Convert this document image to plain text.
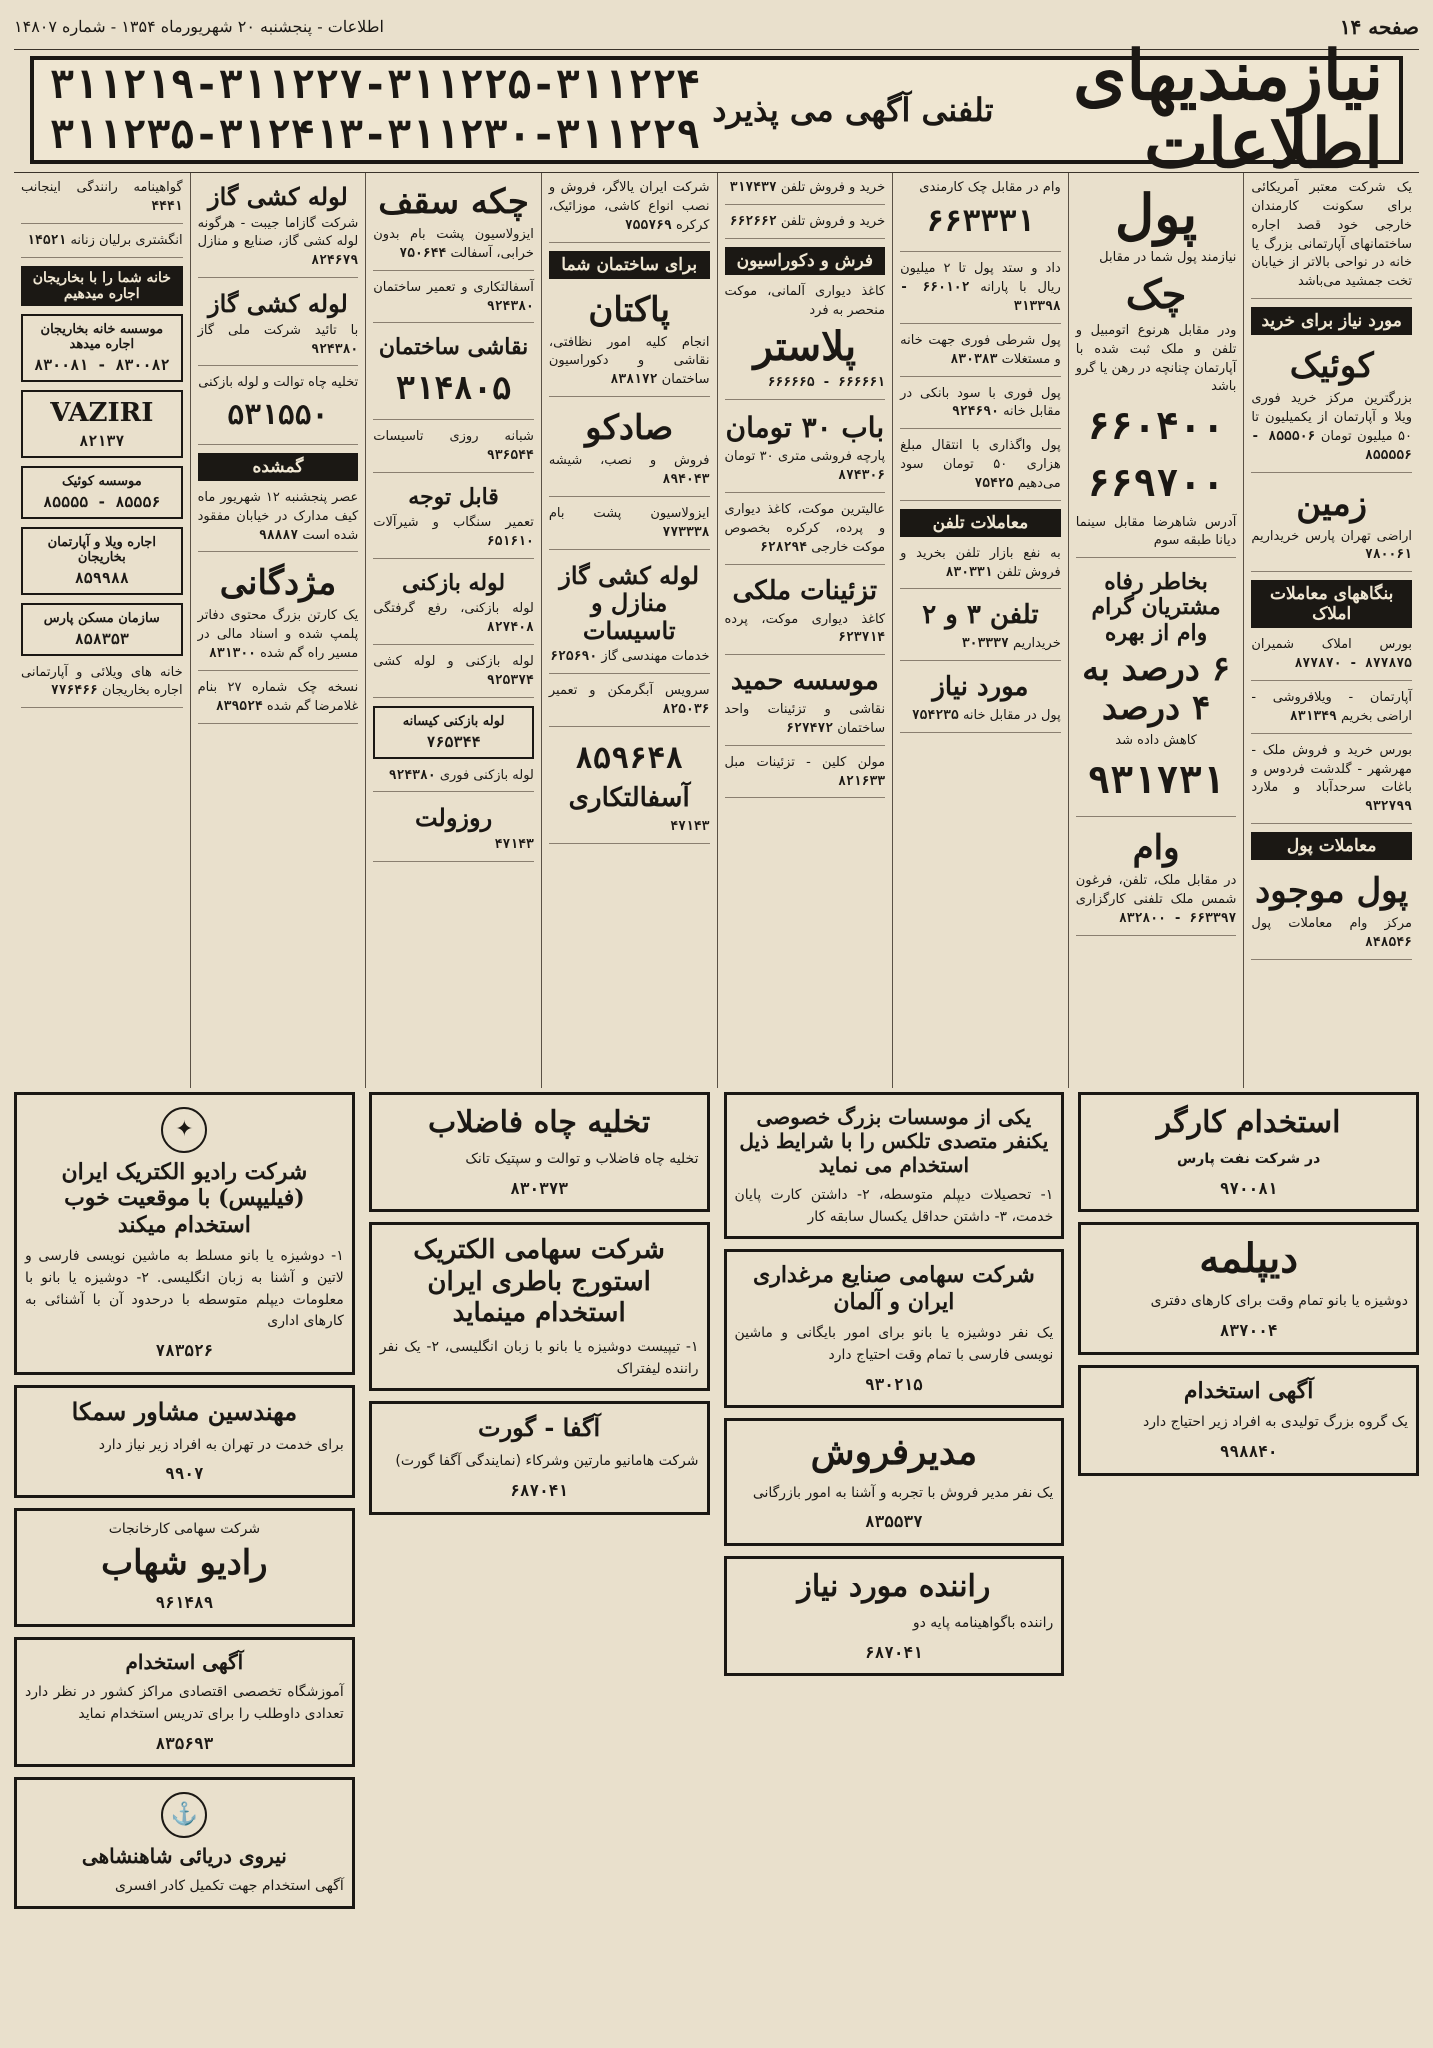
صفحه ۱۴
اطلاعات - پنجشنبه ۲۰ شهریورماه ۱۳۵۴ - شماره ۱۴۸۰۷
نیازمندیهای اطلاعات
تلفنی آگهی می پذیرد
۳۱۱۲۱۹-۳۱۱۲۲۷-۳۱۱۲۲۵-۳۱۱۲۲۴
۳۱۱۲۳۵-۳۱۲۴۱۳-۳۱۱۲۳۰-۳۱۱۲۲۹
یک شرکت معتبر آمریکائی برای سکونت کارمندان خارجی خود قصد اجاره ساختمانهای آپارتمانی بزرگ یا خانه در نواحی بالاتر از خیابان تخت جمشید می‌باشد
مورد نیاز برای خرید
کوئیک
بزرگترین مرکز خرید فوری ویلا و آپارتمان از یکمیلیون تا ۵۰ میلیون تومان ۸۵۵۵۰۶ - ۸۵۵۵۵۶
زمین
اراضی تهران پارس خریداریم ۷۸۰۰۶۱
بنگاههای معاملات املاک
بورس املاک شمیران ۸۷۷۸۷۵ - ۸۷۷۸۷۰
آپارتمان - ویلافروشی - اراضی بخریم ۸۳۱۳۴۹
بورس خرید و فروش ملک - مهرشهر - گلدشت فردوس و باغات سرحدآباد و ملارد ۹۳۲۷۹۹
معاملات پول
پول موجود
مرکز وام معاملات پول ۸۴۸۵۴۶
پول
نیازمند پول شما در مقابل
چک
ودر مقابل هرنوع اتومبیل و تلفن و ملک ثبت شده با آپارتمان چنانچه در رهن یا گرو باشد
۶۶۰۴۰۰
۶۶۹۷۰۰
آدرس شاهرضا مقابل سینما دیانا طبقه سوم
بخاطر رفاه مشتریان گرام وام از بهره
۶ درصد به ۴ درصد
کاهش داده شد
۹۳۱۷۳۱
وام
در مقابل ملک، تلفن، فرغون شمس ملک تلفنی کارگزاری ۶۶۳۳۹۷ - ۸۳۲۸۰۰
وام در مقابل چک کارمندی
۶۶۳۳۳۱
داد و ستد پول تا ۲ میلیون ریال با پارانه ۶۶۰۱۰۲ - ۳۱۳۳۹۸
پول شرطی فوری جهت خانه و مستغلات ۸۳۰۳۸۳
پول فوری با سود بانکی در مقابل خانه ۹۲۴۶۹۰
پول واگذاری با انتقال مبلغ هزاری ۵۰ تومان سود می‌دهیم ۷۵۴۲۵
معاملات تلفن
به نفع بازار تلفن بخرید و فروش تلفن ۸۳۰۳۳۱
تلفن ۳ و ۲
خریداریم ۳۰۳۳۳۷
مورد نیاز
پول در مقابل خانه ۷۵۴۲۳۵
خرید و فروش تلفن ۳۱۷۴۳۷
خرید و فروش تلفن ۶۶۲۶۶۲
فرش و دکوراسیون
کاغذ دیواری آلمانی، موکت منحصر به فرد
پلاستر
۶۶۶۶۶۱ - ۶۶۶۶۶۵
باب ۳۰ تومان
پارچه فروشی متری ۳۰ تومان ۸۷۴۳۰۶
عالیترین موکت، کاغذ دیواری و پرده، کرکره بخصوص موکت خارجی ۶۲۸۲۹۴
تزئینات ملکی
کاغذ دیواری موکت، پرده ۶۲۳۷۱۴
موسسه حمید
نقاشی و تزئینات واحد ساختمان ۶۲۷۴۷۲
مولن کلین - تزئینات مبل ۸۲۱۶۳۳
شرکت ایران یالاگر، فروش و نصب انواع کاشی، موزائیک، کرکره ۷۵۵۷۶۹
برای ساختمان شما
پاکتان
انجام کلیه امور نظافتی، نقاشی و دکوراسیون ساختمان ۸۳۸۱۷۲
صادکو
فروش و نصب، شیشه ۸۹۴۰۴۳
ایزولاسیون پشت بام ۷۷۳۳۳۸
لوله کشی گاز منازل و تاسیسات
خدمات مهندسی گاز ۶۲۵۶۹۰
سرویس آبگرمکن و تعمیر ۸۲۵۰۳۶
۸۵۹۶۴۸
آسفالتکاری
۴۷۱۴۳
چکه سقف
ایزولاسیون پشت بام بدون خرابی، آسفالت ۷۵۰۶۴۴
آسفالتکاری و تعمیر ساختمان ۹۲۴۳۸۰
نقاشی ساختمان
۳۱۴۸۰۵
شبانه روزی تاسیسات ۹۳۶۵۴۴
قابل توجه
تعمیر سنگاب و شیرآلات ۶۵۱۶۱۰
لوله بازکنی
لوله بازکنی، رفع گرفتگی ۸۲۷۴۰۸
لوله بازکنی و لوله کشی ۹۲۵۳۷۴
لوله بازکنی کیسانه
۷۶۵۳۴۴
لوله بازکنی فوری ۹۲۴۳۸۰
روزولت
۴۷۱۴۳
لوله کشی گاز
شرکت گازاما جیبت - هرگونه لوله کشی گاز، صنایع و منازل ۸۲۴۶۷۹
لوله کشی گاز
با تائید شرکت ملی گاز ۹۲۴۳۸۰
تخلیه چاه توالت و لوله بازکنی
۵۳۱۵۵۰
گمشده
عصر پنجشنبه ۱۲ شهریور ماه کیف مدارک در خیابان مفقود شده است ۹۸۸۸۷
مژدگانی
یک کارتن بزرگ محتوی دفاتر پلمپ شده و اسناد مالی در مسیر راه گم شده ۸۳۱۳۰۰
نسخه چک شماره ۲۷ بنام غلامرضا گم شده ۸۳۹۵۲۴
گواهینامه رانندگی اینجانب ۴۴۴۱
انگشتری برلیان زنانه ۱۴۵۲۱
خانه شما را با بخاریجان اجاره میدهیم
موسسه خانه بخاریجان اجاره میدهد
۸۳۰۰۸۲ - ۸۳۰۰۸۱
VAZIRI
۸۲۱۳۷
موسسه کوئیک
۸۵۵۵۶ - ۸۵۵۵۵
اجاره ویلا و آپارتمان بخاریجان
۸۵۹۹۸۸
سازمان مسکن پارس
۸۵۸۳۵۳
خانه های ویلائی و آپارتمانی اجاره بخاریجان ۷۷۶۴۶۶
استخدام کارگر
در شرکت نفت پارس
۹۷۰۰۸۱
دیپلمه
دوشیزه یا بانو تمام وقت برای کارهای دفتری
۸۳۷۰۰۴
آگهی استخدام
یک گروه بزرگ تولیدی به افراد زیر احتیاج دارد
۹۹۸۸۴۰
یکی از موسسات بزرگ خصوصی یکنفر متصدی تلکس را با شرایط ذیل استخدام می نماید
۱- تحصیلات دیپلم متوسطه، ۲- داشتن کارت پایان خدمت، ۳- داشتن حداقل یکسال سابقه کار
شرکت سهامی صنایع مرغداری ایران و آلمان
یک نفر دوشیزه یا بانو برای امور بایگانی و ماشین نویسی فارسی با تمام وقت احتیاج دارد
۹۳۰۲۱۵
مدیرفروش
یک نفر مدیر فروش با تجربه و آشنا به امور بازرگانی
۸۳۵۵۳۷
راننده مورد نیاز
راننده باگواهینامه پایه دو
۶۸۷۰۴۱
تخلیه چاه فاضلاب
تخلیه چاه فاضلاب و توالت و سپتیک تانک
۸۳۰۳۷۳
شرکت سهامی الکتریک استورج باطری ایران استخدام مینماید
۱- تیپیست دوشیزه یا بانو با زبان انگلیسی، ۲- یک نفر راننده لیفتراک
آگفا - گورت
شرکت هامانیو مارتین وشرکاء (نمایندگی آگفا گورت)
۶۸۷۰۴۱
✦
شرکت رادیو الکتریک ایران (فیلیپس) با موقعیت خوب استخدام میکند
۱- دوشیزه یا بانو مسلط به ماشین نویسی فارسی و لاتین و آشنا به زبان انگلیسی. ۲- دوشیزه یا بانو با معلومات دیپلم متوسطه با درحدود آن با آشنائی به کارهای اداری
۷۸۳۵۲۶
مهندسین مشاور سمکا
برای خدمت در تهران به افراد زیر نیاز دارد
۹۹۰۷
شرکت سهامی کارخانجات
رادیو شهاب
۹۶۱۴۸۹
آگهی استخدام
آموزشگاه تخصصی اقتصادی مراکز کشور در نظر دارد تعدادی داوطلب را برای تدریس استخدام نماید
۸۳۵۶۹۳
⚓
نیروی دریائی شاهنشاهی
آگهی استخدام جهت تکمیل کادر افسری
